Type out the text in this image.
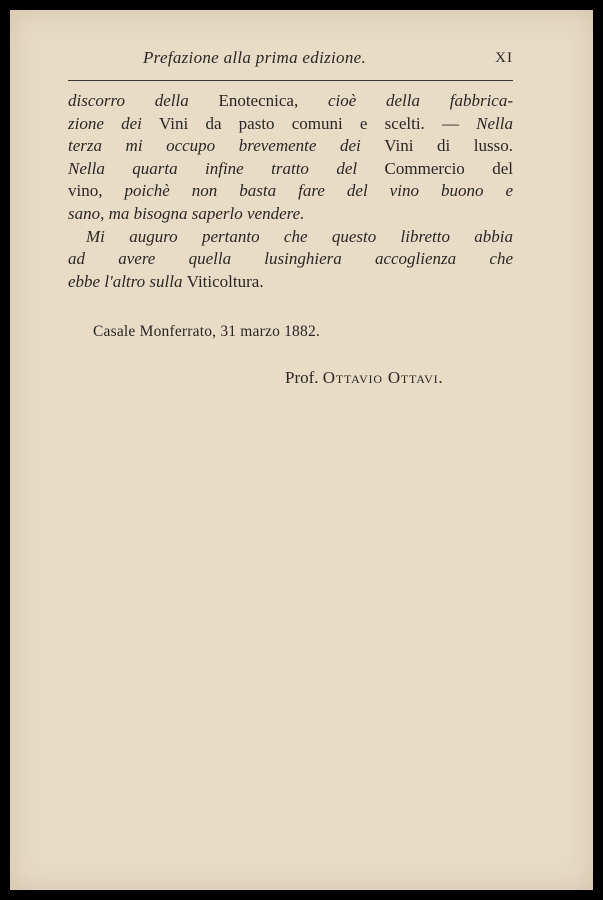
Prefazione alla prima edizione.	XI
discorro della Enotecnica, cioè della fabbrica-
zione dei Vini da pasto comuni e scelti. — Nella
terza mi occupo brevemente dei Vini di lusso.
Nella quarta infine tratto del Commercio del
vino, poichè non basta fare del vino buono e
sano, ma bisogna saperlo vendere.
Mi auguro pertanto che questo libretto abbia
ad avere quella lusinghiera accoglienza che
ebbe l'altro sulla Viticoltura.
Casale Monferrato, 31 marzo 1882.
Prof. Ottavio Ottavi.
